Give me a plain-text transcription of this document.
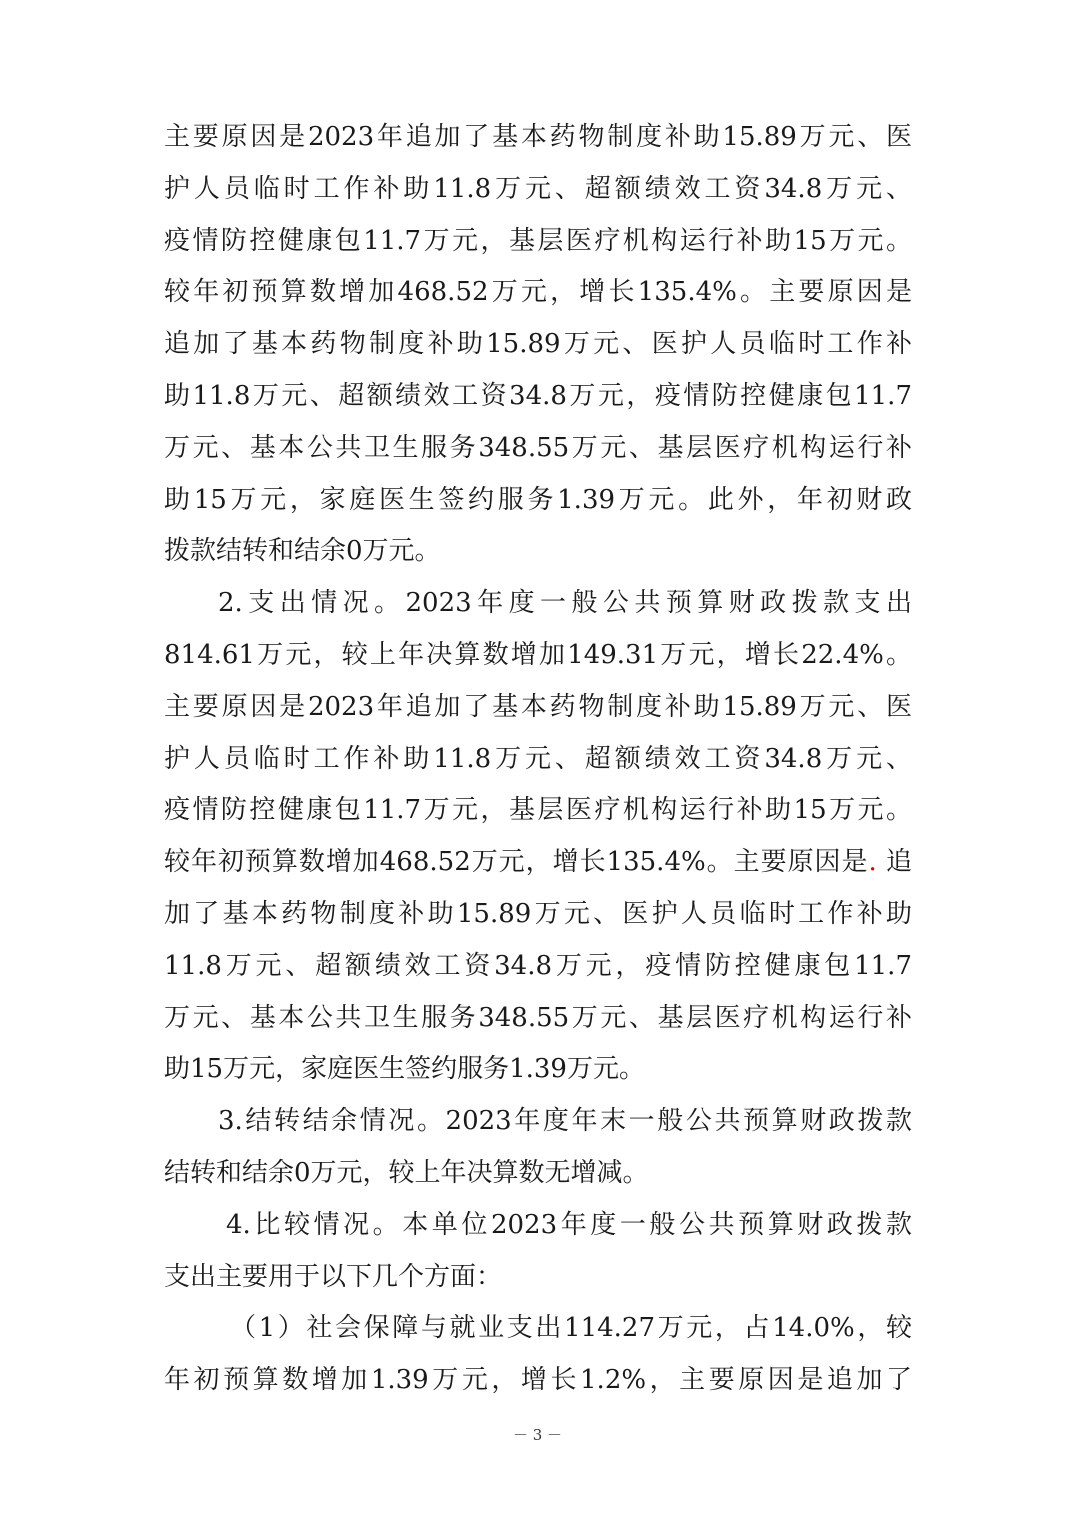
主要原因是2023年追加了基本药物制度补助15.89万元、医
护人员临时工作补助11.8万元、超额绩效工资34.8万元、
疫情防控健康包11.7万元，基层医疗机构运行补助15万元。
较年初预算数增加468.52万元，增长135.4%。主要原因是
追加了基本药物制度补助15.89万元、医护人员临时工作补
助11.8万元、超额绩效工资34.8万元，疫情防控健康包11.7
万元、基本公共卫生服务348.55万元、基层医疗机构运行补
助15万元，家庭医生签约服务1.39万元。此外，年初财政
拨款结转和结余0万元。
2.支出情况。2023年度一般公共预算财政拨款支出
814.61万元，较上年决算数增加149.31万元，增长22.4%。
主要原因是2023年追加了基本药物制度补助15.89万元、医
护人员临时工作补助11.8万元、超额绩效工资34.8万元、
疫情防控健康包11.7万元，基层医疗机构运行补助15万元。
较年初预算数增加468.52万元，增长135.4%。主要原因是. 追
加了基本药物制度补助15.89万元、医护人员临时工作补助
11.8万元、超额绩效工资34.8万元，疫情防控健康包11.7
万元、基本公共卫生服务348.55万元、基层医疗机构运行补
助15万元，家庭医生签约服务1.39万元。
3.结转结余情况。2023年度年末一般公共预算财政拨款
结转和结余0万元，较上年决算数无增减。
4.比较情况。本单位2023年度一般公共预算财政拨款
支出主要用于以下几个方面：
（1）社会保障与就业支出114.27万元，占14.0%，较
年初预算数增加1.39万元，增长1.2%，主要原因是追加了
－ 3 －
